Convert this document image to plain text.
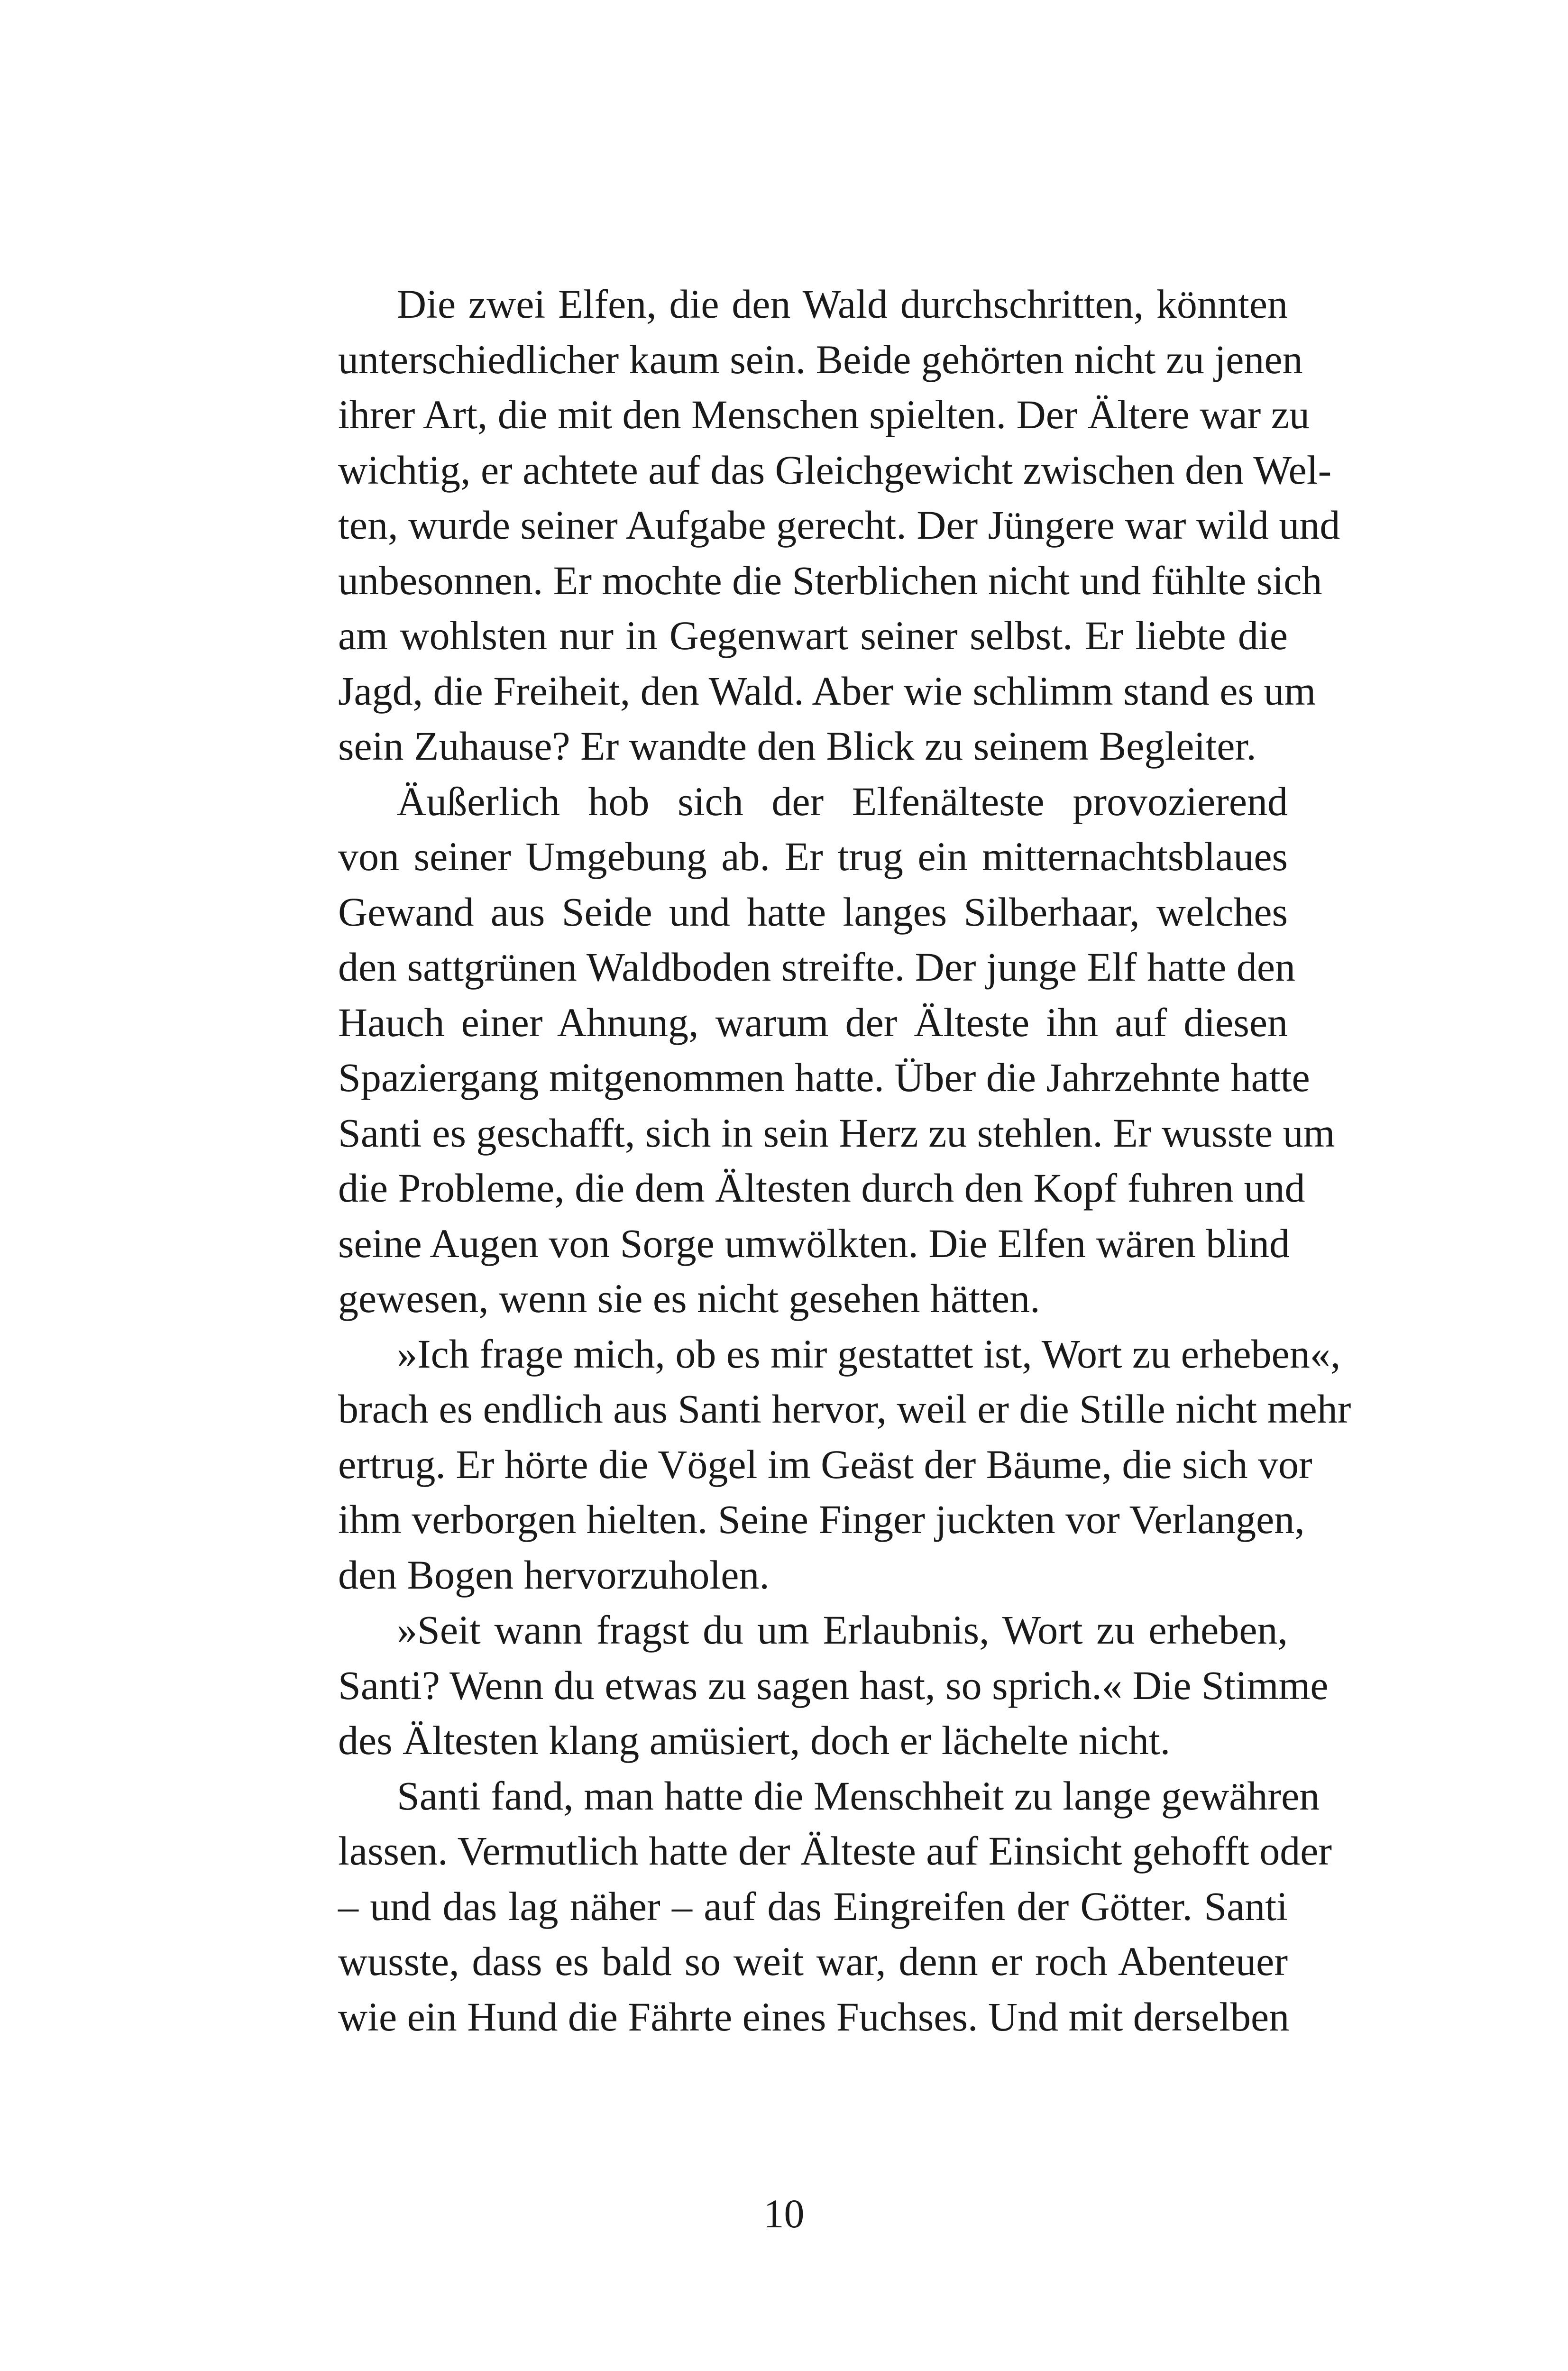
Die zwei Elfen, die den Wald durchschritten, könnten
unterschiedlicher kaum sein. Beide gehörten nicht zu jenen
ihrer Art, die mit den Menschen spielten. Der Ältere war zu
wichtig, er achtete auf das Gleichgewicht zwischen den Wel-
ten, wurde seiner Aufgabe gerecht. Der Jüngere war wild und
unbesonnen. Er mochte die Sterblichen nicht und fühlte sich
am wohlsten nur in Gegenwart seiner selbst. Er liebte die
Jagd, die Freiheit, den Wald. Aber wie schlimm stand es um
sein Zuhause? Er wandte den Blick zu seinem Begleiter.
Äußerlich hob sich der Elfenälteste provozierend
von seiner Umgebung ab. Er trug ein mitternachtsblaues
Gewand aus Seide und hatte langes Silberhaar, welches
den sattgrünen Waldboden streifte. Der junge Elf hatte den
Hauch einer Ahnung, warum der Älteste ihn auf diesen
Spaziergang mitgenommen hatte. Über die Jahrzehnte hatte
Santi es geschafft, sich in sein Herz zu stehlen. Er wusste um
die Probleme, die dem Ältesten durch den Kopf fuhren und
seine Augen von Sorge umwölkten. Die Elfen wären blind
gewesen, wenn sie es nicht gesehen hätten.
»Ich frage mich, ob es mir gestattet ist, Wort zu erheben«,
brach es endlich aus Santi hervor, weil er die Stille nicht mehr
ertrug. Er hörte die Vögel im Geäst der Bäume, die sich vor
ihm verborgen hielten. Seine Finger juckten vor Verlangen,
den Bogen hervorzuholen.
»Seit wann fragst du um Erlaubnis, Wort zu erheben,
Santi? Wenn du etwas zu sagen hast, so sprich.« Die Stimme
des Ältesten klang amüsiert, doch er lächelte nicht.
Santi fand, man hatte die Menschheit zu lange gewähren
lassen. Vermutlich hatte der Älteste auf Einsicht gehofft oder
– und das lag näher – auf das Eingreifen der Götter. Santi
wusste, dass es bald so weit war, denn er roch Abenteuer
wie ein Hund die Fährte eines Fuchses. Und mit derselben
10
